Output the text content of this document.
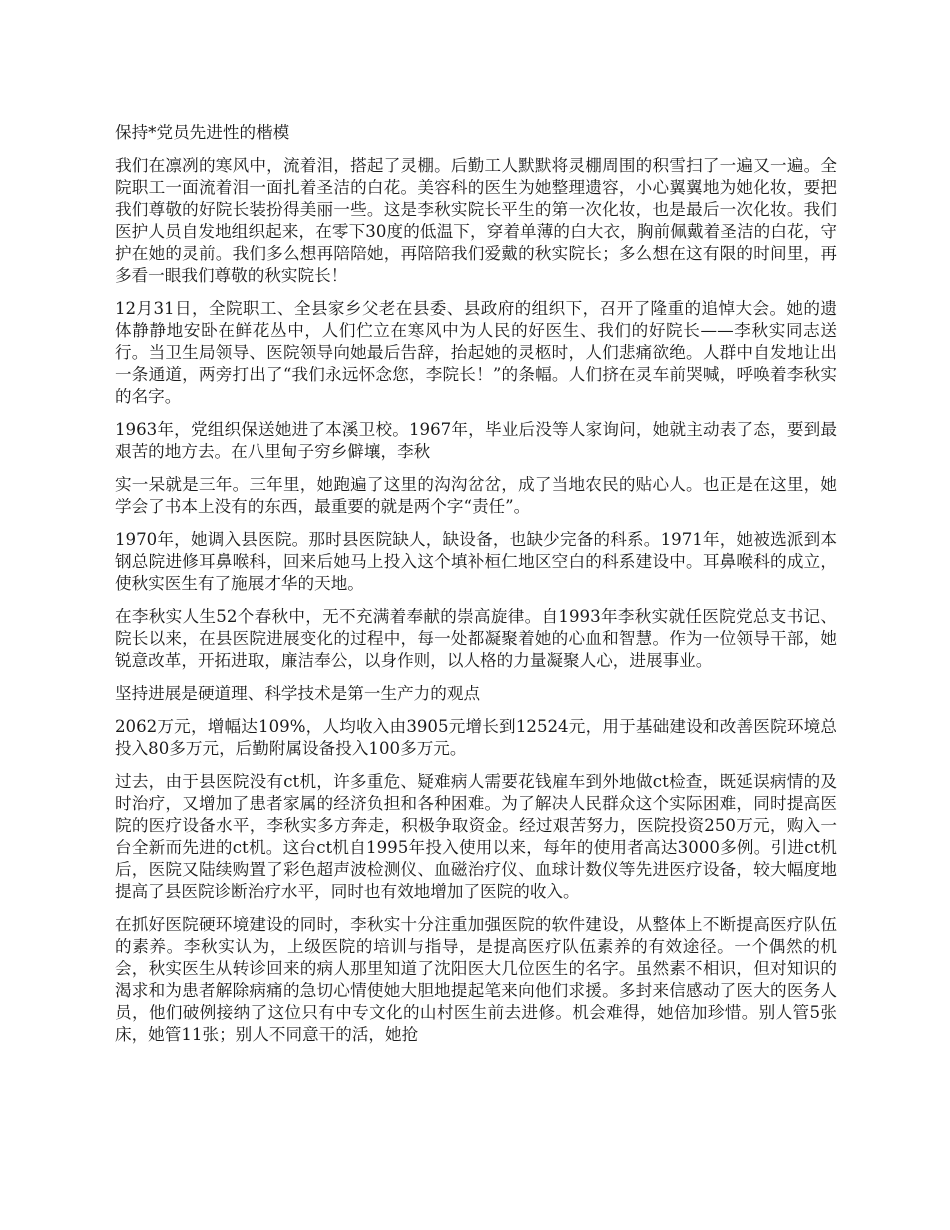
保持*党员先进性的楷模

我们在凛冽的寒风中，流着泪，搭起了灵棚。后勤工人默默将灵棚周围的积雪扫了一遍又一遍。全院职工一面流着泪一面扎着圣洁的白花。美容科的医生为她整理遗容，小心翼翼地为她化妆，要把我们尊敬的好院长装扮得美丽一些。这是李秋实院长平生的第一次化妆，也是最后一次化妆。我们医护人员自发地组织起来，在零下30度的低温下，穿着单薄的白大衣，胸前佩戴着圣洁的白花，守护在她的灵前。我们多么想再陪陪她，再陪陪我们爱戴的秋实院长；多么想在这有限的时间里，再多看一眼我们尊敬的秋实院长！

12月31日，全院职工、全县家乡父老在县委、县政府的组织下，召开了隆重的追悼大会。她的遗体静静地安卧在鲜花丛中，人们伫立在寒风中为人民的好医生、我们的好院长——李秋实同志送行。当卫生局领导、医院领导向她最后告辞，抬起她的灵柩时，人们悲痛欲绝。人群中自发地让出一条通道，两旁打出了“我们永远怀念您，李院长！”的条幅。人们挤在灵车前哭喊，呼唤着李秋实的名字。

1963年，党组织保送她进了本溪卫校。1967年，毕业后没等人家询问，她就主动表了态，要到最艰苦的地方去。在八里甸子穷乡僻壤，李秋

实一呆就是三年。三年里，她跑遍了这里的沟沟岔岔，成了当地农民的贴心人。也正是在这里，她学会了书本上没有的东西，最重要的就是两个字“责任”。

1970年，她调入县医院。那时县医院缺人，缺设备，也缺少完备的科系。1971年，她被选派到本钢总院进修耳鼻喉科，回来后她马上投入这个填补桓仁地区空白的科系建设中。耳鼻喉科的成立，使秋实医生有了施展才华的天地。

在李秋实人生52个春秋中，无不充满着奉献的崇高旋律。自1993年李秋实就任医院党总支书记、院长以来，在县医院进展变化的过程中，每一处都凝聚着她的心血和智慧。作为一位领导干部，她锐意改革，开拓进取，廉洁奉公，以身作则，以人格的力量凝聚人心，进展事业。

坚持进展是硬道理、科学技术是第一生产力的观点

2062万元，增幅达109%，人均收入由3905元增长到12524元，用于基础建设和改善医院环境总投入80多万元，后勤附属设备投入100多万元。

过去，由于县医院没有ct机，许多重危、疑难病人需要花钱雇车到外地做ct检查，既延误病情的及时治疗，又增加了患者家属的经济负担和各种困难。为了解决人民群众这个实际困难，同时提高医院的医疗设备水平，李秋实多方奔走，积极争取资金。经过艰苦努力，医院投资250万元，购入一台全新而先进的ct机。这台ct机自1995年投入使用以来，每年的使用者高达3000多例。引进ct机后，医院又陆续购置了彩色超声波检测仪、血磁治疗仪、血球计数仪等先进医疗设备，较大幅度地提高了县医院诊断治疗水平，同时也有效地增加了医院的收入。

在抓好医院硬环境建设的同时，李秋实十分注重加强医院的软件建设，从整体上不断提高医疗队伍的素养。李秋实认为，上级医院的培训与指导，是提高医疗队伍素养的有效途径。一个偶然的机会，秋实医生从转诊回来的病人那里知道了沈阳医大几位医生的名字。虽然素不相识，但对知识的渴求和为患者解除病痛的急切心情使她大胆地提起笔来向他们求援。多封来信感动了医大的医务人员，他们破例接纳了这位只有中专文化的山村医生前去进修。机会难得，她倍加珍惜。别人管5张床，她管11张；别人不同意干的活，她抢
